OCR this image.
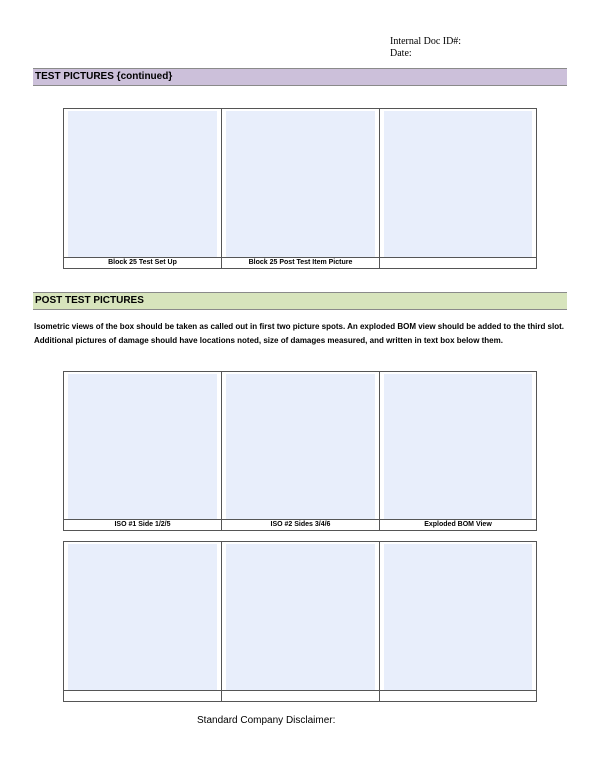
Internal Doc ID#:
Date:
TEST PICTURES {continued}
Block 25 Test Set Up	Block 25 Post Test Item Picture
POST TEST PICTURES
Isometric views of the box should be taken as called out in first two picture spots. An exploded BOM view should be added to the third slot. Additional pictures of damage should have locations noted, size of damages measured, and written in text box below them.
ISO #1 Side 1/2/5	ISO #2 Sides 3/4/6	Exploded BOM View
Standard Company Disclaimer:
